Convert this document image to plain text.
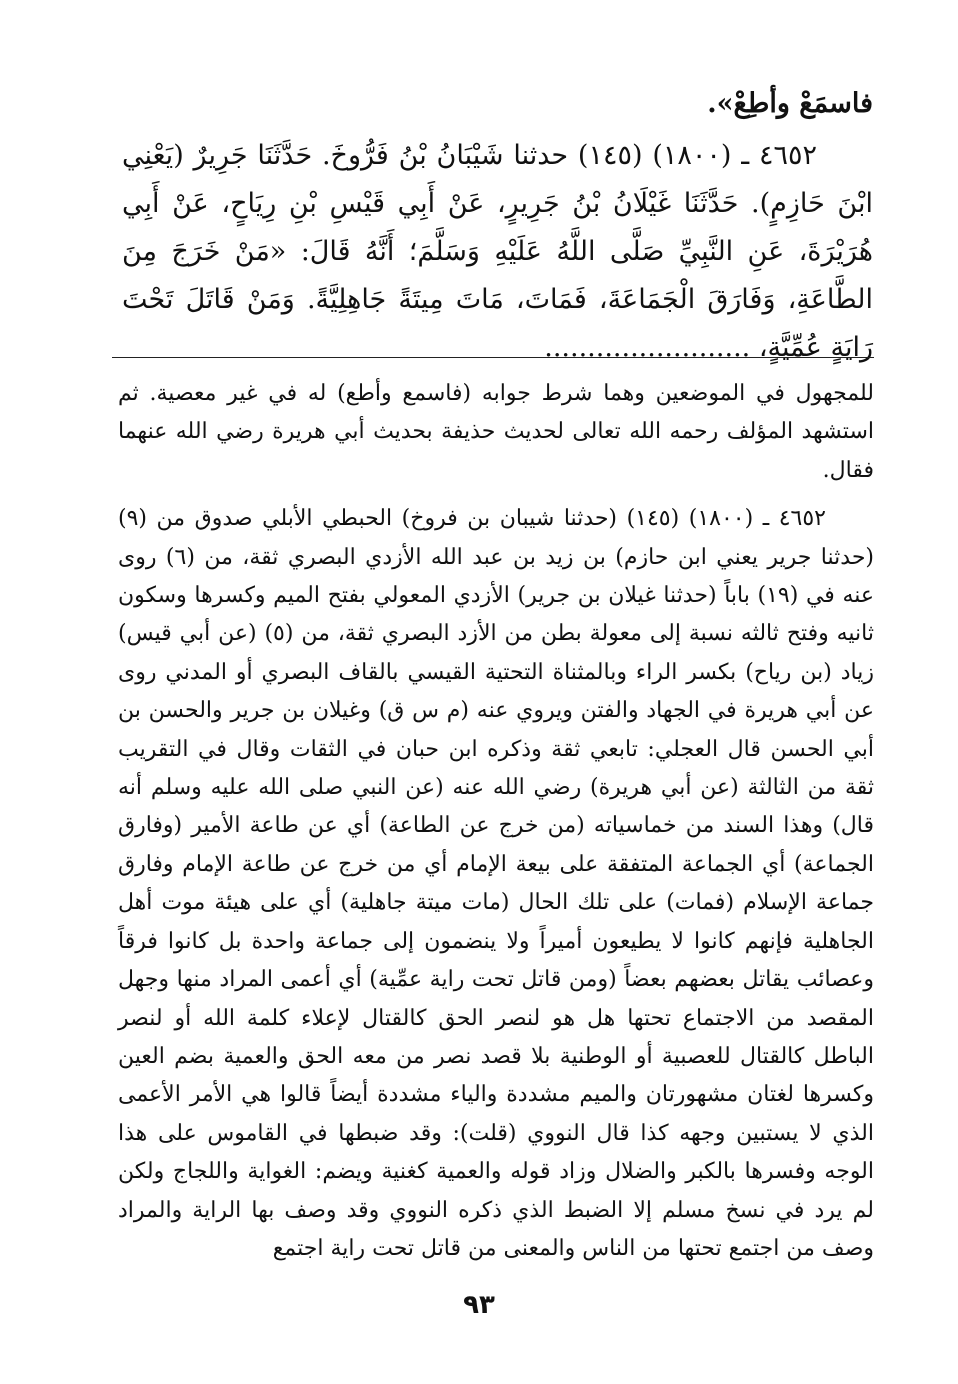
فاسمَعْ وأطِعْ».

٤٦٥٢ ـ (١٨٠٠) (١٤٥) حدثنا شَيْبَانُ بْنُ فَرُّوخَ. حَدَّثَنَا جَرِيرٌ (يَعْنِي ابْنَ حَازِمٍ). حَدَّثَنَا غَيْلَانُ بْنُ جَرِيرٍ، عَنْ أَبِي قَيْسِ بْنِ رِيَاحٍ، عَنْ أَبِي هُرَيْرَةَ، عَنِ النَّبِيِّ صَلَّى اللَّهُ عَلَيْهِ وَسَلَّمَ؛ أَنَّهُ قَالَ: «مَنْ خَرَجَ مِنَ الطَّاعَةِ، وَفَارَقَ الْجَمَاعَةَ، فَمَاتَ، مَاتَ مِيتَةً جَاهِلِيَّةً. وَمَنْ قَاتَلَ تَحْتَ رَايَةٍ عُمِّيَّةٍ، ........................

للمجهول في الموضعين وهما شرط جوابه (فاسمع وأطع) له في غير معصية. ثم استشهد المؤلف رحمه الله تعالى لحديث حذيفة بحديث أبي هريرة رضي الله عنهما فقال.

٤٦٥٢ ـ (١٨٠٠) (١٤٥) (حدثنا شيبان بن فروخ) الحبطي الأبلي صدوق من (٩) (حدثنا جرير يعني ابن حازم) بن زيد بن عبد الله الأزدي البصري ثقة، من (٦) روى عنه في (١٩) باباً (حدثنا غيلان بن جرير) الأزدي المعولي بفتح الميم وكسرها وسكون ثانيه وفتح ثالثه نسبة إلى معولة بطن من الأزد البصري ثقة، من (٥) (عن أبي قيس) زياد (بن رياح) بكسر الراء وبالمثناة التحتية القيسي بالقاف البصري أو المدني روى عن أبي هريرة في الجهاد والفتن ويروي عنه (م س ق) وغيلان بن جرير والحسن بن أبي الحسن قال العجلي: تابعي ثقة وذكره ابن حبان في الثقات وقال في التقريب ثقة من الثالثة (عن أبي هريرة) رضي الله عنه (عن النبي صلى الله عليه وسلم أنه قال) وهذا السند من خماسياته (من خرج عن الطاعة) أي عن طاعة الأمير (وفارق الجماعة) أي الجماعة المتفقة على بيعة الإمام أي من خرج عن طاعة الإمام وفارق جماعة الإسلام (فمات) على تلك الحال (مات ميتة جاهلية) أي على هيئة موت أهل الجاهلية فإنهم كانوا لا يطيعون أميراً ولا ينضمون إلى جماعة واحدة بل كانوا فرقاً وعصائب يقاتل بعضهم بعضاً (ومن قاتل تحت راية عمِّية) أي أعمى المراد منها وجهل المقصد من الاجتماع تحتها هل هو لنصر الحق كالقتال لإعلاء كلمة الله أو لنصر الباطل كالقتال للعصبية أو الوطنية بلا قصد نصر من معه الحق والعمية بضم العين وكسرها لغتان مشهورتان والميم مشددة والياء مشددة أيضاً قالوا هي الأمر الأعمى الذي لا يستبين وجهه كذا قال النووي (قلت): وقد ضبطها في القاموس على هذا الوجه وفسرها بالكبر والضلال وزاد قوله والعمية كغنية ويضم: الغواية واللجاج ولكن لم يرد في نسخ مسلم إلا الضبط الذي ذكره النووي وقد وصف بها الراية والمراد وصف من اجتمع تحتها من الناس والمعنى من قاتل تحت راية اجتمع

٩٣
